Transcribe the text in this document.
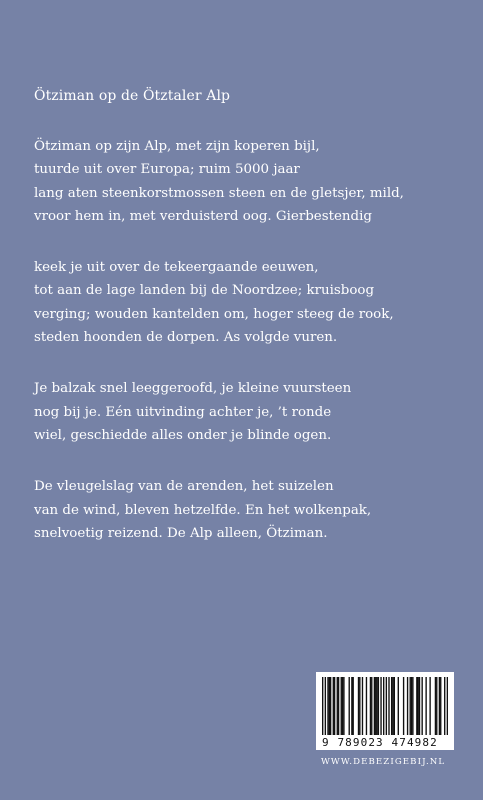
Ötziman op de Ötztaler Alp
Ötziman op zijn Alp, met zijn koperen bijl,
tuurde uit over Europa; ruim 5000 jaar
lang aten steenkorstmossen steen en de gletsjer, mild,
vroor hem in, met verduisterd oog. Gierbestendig
keek je uit over de tekeergaande eeuwen,
tot aan de lage landen bij de Noordzee; kruisboog
verging; wouden kantelden om, hoger steeg de rook,
steden hoonden de dorpen. As volgde vuren.
Je balzak snel leeggeroofd, je kleine vuursteen
nog bij je. Eén uitvinding achter je, ’t ronde
wiel, geschiedde alles onder je blinde ogen.
De vleugelslag van de arenden, het suizelen
van de wind, bleven hetzelfde. En het wolkenpak,
snelvoetig reizend. De Alp alleen, Ötziman.
9 789023 474982
WWW.DEBEZIGEBIJ.NL
